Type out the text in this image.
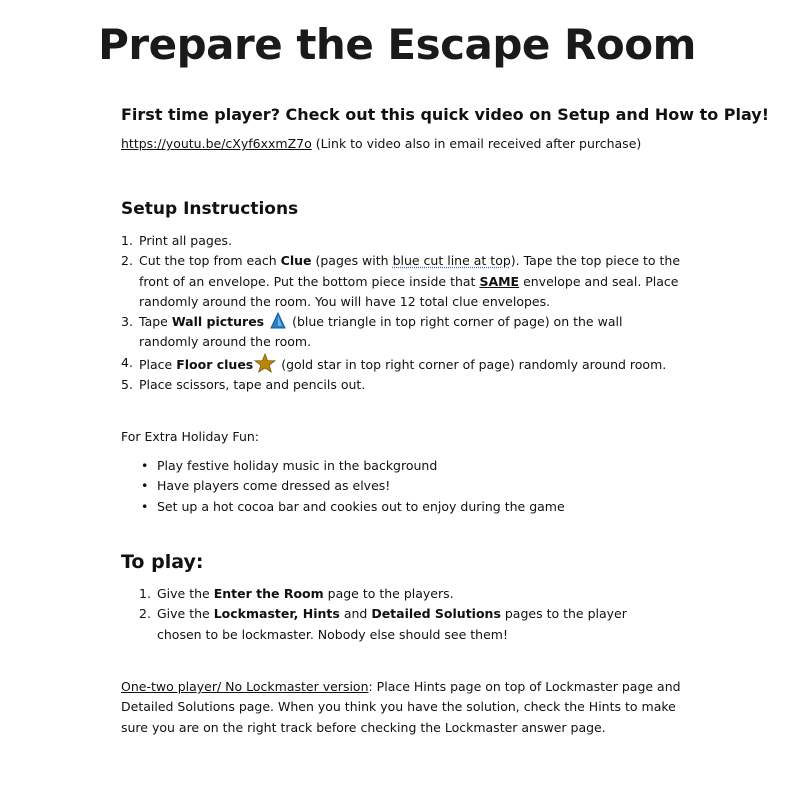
Prepare the Escape Room
First time player? Check out this quick video on Setup and How to Play!
https://youtu.be/cXyf6xxmZ7o (Link to video also in email received after purchase)
Setup Instructions
1. Print all pages.
2. Cut the top from each Clue (pages with blue cut line at top). Tape the top piece to the front of an envelope. Put the bottom piece inside that SAME envelope and seal. Place randomly around the room. You will have 12 total clue envelopes.
3. Tape Wall pictures  (blue triangle in top right corner of page) on the wall randomly around the room.
4. Place Floor clues (gold star in top right corner of page) randomly around room.
5. Place scissors, tape and pencils out.
For Extra Holiday Fun:
• Play festive holiday music in the background
• Have players come dressed as elves!
• Set up a hot cocoa bar and cookies out to enjoy during the game
To play:
1. Give the Enter the Room page to the players.
2. Give the Lockmaster, Hints and Detailed Solutions pages to the player chosen to be lockmaster. Nobody else should see them!
One-two player/ No Lockmaster version: Place Hints page on top of Lockmaster page and Detailed Solutions page. When you think you have the solution, check the Hints to make sure you are on the right track before checking the Lockmaster answer page.
